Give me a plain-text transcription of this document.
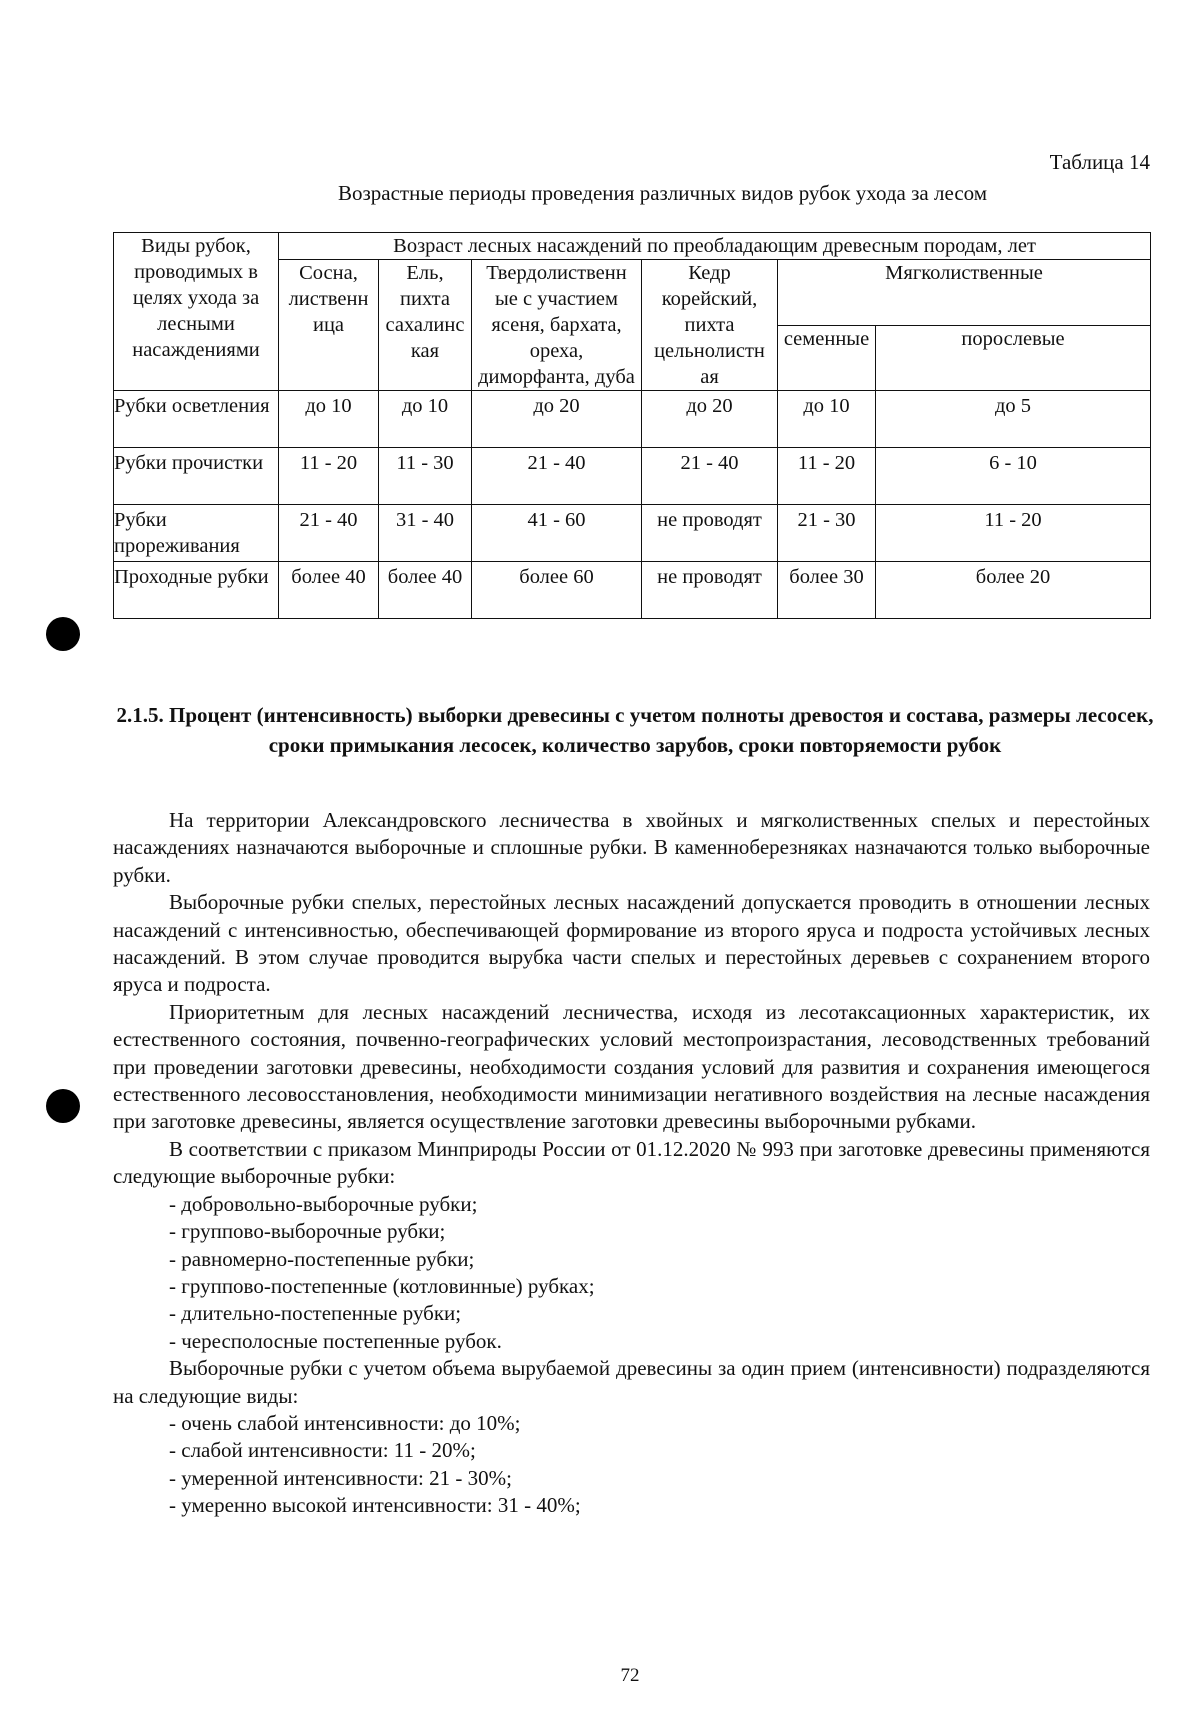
Таблица 14
Возрастные периоды проведения различных видов рубок ухода за лесом
Виды рубок, проводимых в целях ухода за лесными насаждениями	Возраст лесных насаждений по преобладающим древесным породам, лет					
	Сосна, лиственн ица	Ель, пихта сахалинс кая	Твердолиственн ые с участием ясеня, бархата, ореха, диморфанта, дуба	Кедр корейский, пихта цельнолистн ая	Мягколиственные	
					семенные	порослевые
Рубки осветления	до 10	до 10	до 20	до 20	до 10	до 5
Рубки прочистки	11 - 20	11 - 30	21 - 40	21 - 40	11 - 20	6 - 10
Рубки прореживания	21 - 40	31 - 40	41 - 60	не проводят	21 - 30	11 - 20
Проходные рубки	более 40	более 40	более 60	не проводят	более 30	более 20
2.1.5. Процент (интенсивность) выборки древесины с учетом полноты древостоя и состава, размеры лесосек, сроки примыкания лесосек, количество зарубов, сроки повторяемости рубок

На территории Александровского лесничества в хвойных и мягколиственных спелых и перестойных насаждениях назначаются выборочные и сплошные рубки. В каменноберезняках назначаются только выборочные рубки.

Выборочные рубки спелых, перестойных лесных насаждений допускается проводить в отношении лесных насаждений с интенсивностью, обеспечивающей формирование из второго яруса и подроста устойчивых лесных насаждений. В этом случае проводится вырубка части спелых и перестойных деревьев с сохранением второго яруса и подроста.

Приоритетным для лесных насаждений лесничества, исходя из лесотаксационных характеристик, их естественного состояния, почвенно-географических условий местопроизрастания, лесоводственных требований при проведении заготовки древесины, необходимости создания условий для развития и сохранения имеющегося естественного лесовосстановления, необходимости минимизации негативного воздействия на лесные насаждения при заготовке древесины, является осуществление заготовки древесины выборочными рубками.

В соответствии с приказом Минприроды России от 01.12.2020 № 993 при заготовке древесины применяются следующие выборочные рубки:

- добровольно-выборочные рубки;
- группово-выборочные рубки;
- равномерно-постепенные рубки;
- группово-постепенные (котловинные) рубках;
- длительно-постепенные рубки;
- чересполосные постепенные рубок.

Выборочные рубки с учетом объема вырубаемой древесины за один прием (интенсивности) подразделяются на следующие виды:

- очень слабой интенсивности: до 10%;
- слабой интенсивности: 11 - 20%;
- умеренной интенсивности: 21 - 30%;
- умеренно высокой интенсивности: 31 - 40%;
72
